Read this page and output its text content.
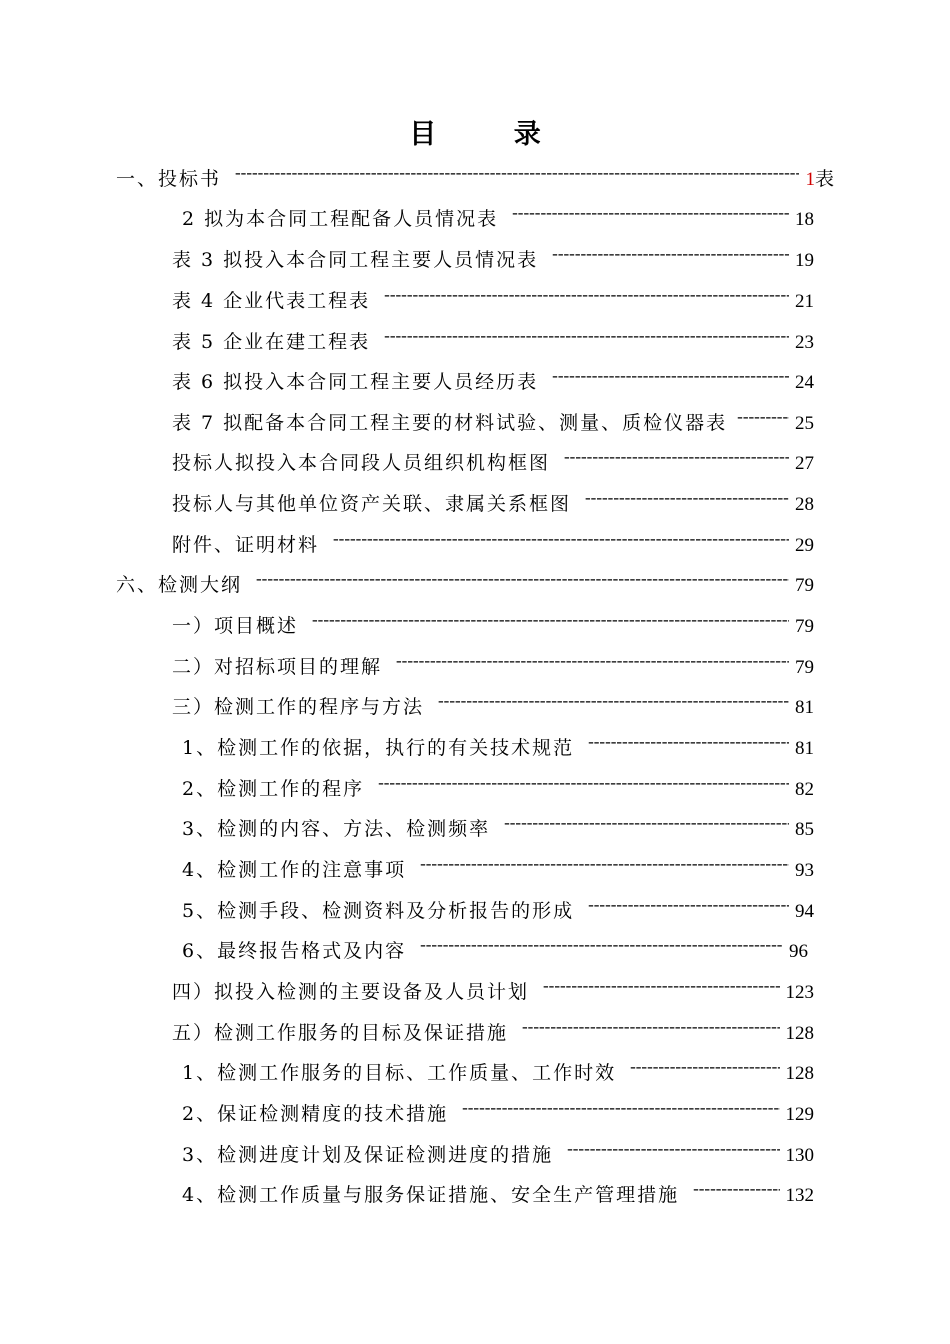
目 录
一、投标书 -----	1表
2 拟为本合同工程配备人员情况表 -----	18
表 3 拟投入本合同工程主要人员情况表 -----	19
表 4 企业代表工程表 -----	21
表 5 企业在建工程表 -----	23
表 6 拟投入本合同工程主要人员经历表 -----	24
表 7 拟配备本合同工程主要的材料试验、测量、质检仪器表 -----	25
投标人拟投入本合同段人员组织机构框图 -----	27
投标人与其他单位资产关联、隶属关系框图 -----	28
附件、证明材料 -----	29
六、检测大纲 -----	79
一）项目概述 -----	79
二）对招标项目的理解 -----	79
三）检测工作的程序与方法 -----	81
1、检测工作的依据，执行的有关技术规范 -----	81
2、检测工作的程序 -----	82
3、检测的内容、方法、检测频率 -----	85
4、检测工作的注意事项 -----	93
5、检测手段、检测资料及分析报告的形成 -----	94
6、最终报告格式及内容 -----	96
四）拟投入检测的主要设备及人员计划 -----	123
五）检测工作服务的目标及保证措施 -----	128
1、检测工作服务的目标、工作质量、工作时效 -----	128
2、保证检测精度的技术措施 -----	129
3、检测进度计划及保证检测进度的措施 -----	130
4、检测工作质量与服务保证措施、安全生产管理措施 -----	132
